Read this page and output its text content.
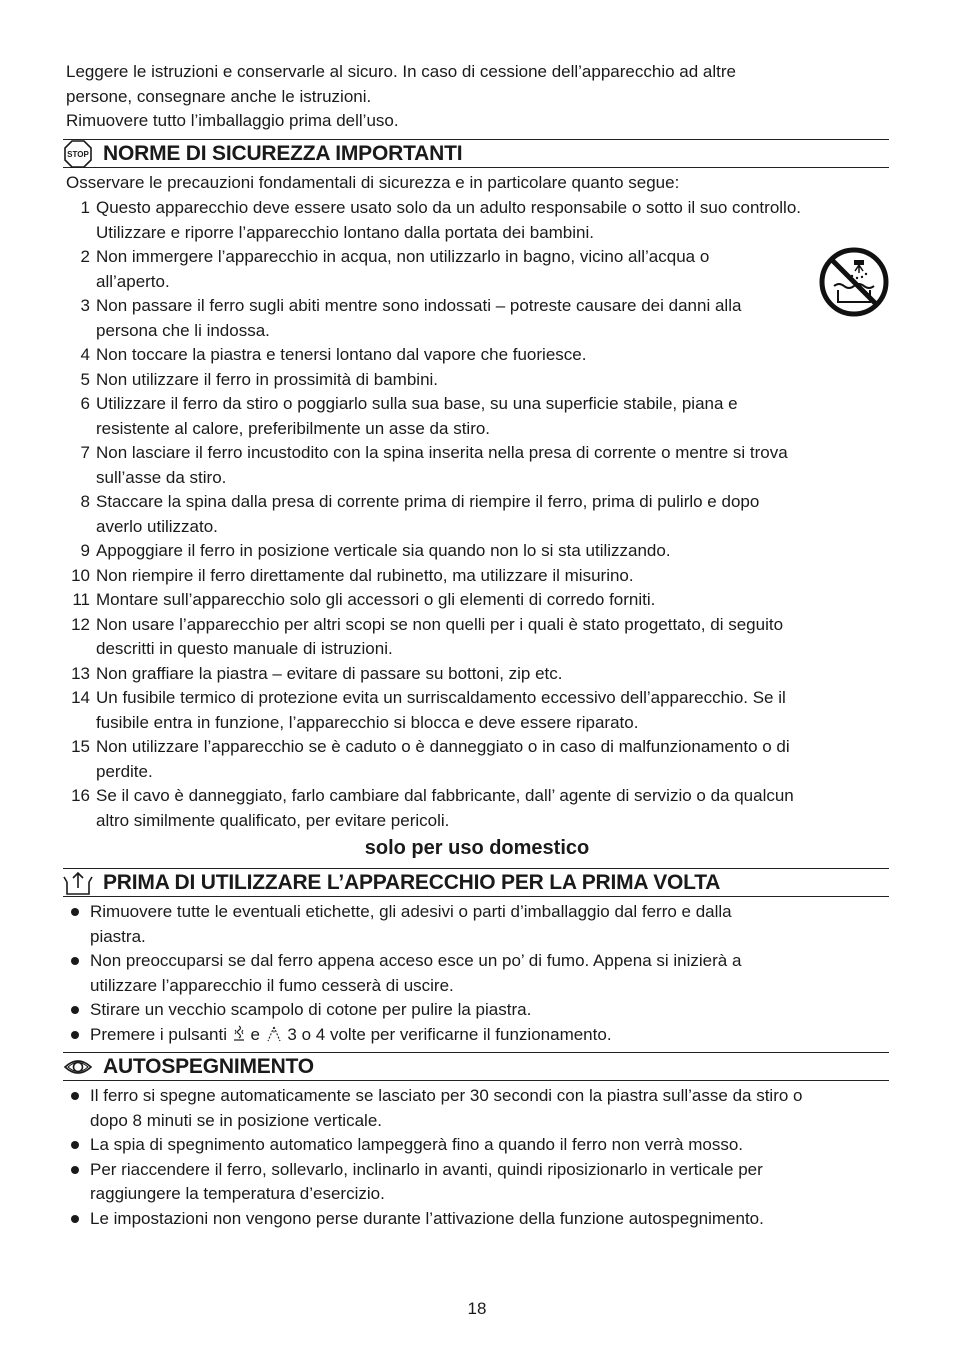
Leggere le istruzioni e conservarle al sicuro. In caso di cessione dell’apparecchio ad altre

persone, consegnare anche le istruzioni.

Rimuovere tutto l’imballaggio prima dell’uso.

STOP NORME DI SICUREZZA IMPORTANTI

Osservare le precauzioni fondamentali di sicurezza e in particolare quanto segue:

1 Questo apparecchio deve essere usato solo da un adulto responsabile o sotto il suo controllo.
Utilizzare e riporre l’apparecchio lontano dalla portata dei bambini.
2 Non immergere l’apparecchio in acqua, non utilizzarlo in bagno, vicino all’acqua o
all’aperto.
3 Non passare il ferro sugli abiti mentre sono indossati – potreste causare dei danni alla
persona che li indossa.
4 Non toccare la piastra e tenersi lontano dal vapore che fuoriesce.
5 Non utilizzare il ferro in prossimità di bambini.
6 Utilizzare il ferro da stiro o poggiarlo sulla sua base, su una superficie stabile, piana e
resistente al calore, preferibilmente un asse da stiro.
7 Non lasciare il ferro incustodito con la spina inserita nella presa di corrente o mentre si trova
sull’asse da stiro.
8 Staccare la spina dalla presa di corrente prima di riempire il ferro, prima di pulirlo e dopo
averlo utilizzato.
9 Appoggiare il ferro in posizione verticale sia quando non lo si sta utilizzando.
10 Non riempire il ferro direttamente dal rubinetto, ma utilizzare il misurino.
11 Montare sull’apparecchio solo gli accessori o gli elementi di corredo forniti.
12 Non usare l’apparecchio per altri scopi se non quelli per i quali è stato progettato, di seguito
descritti in questo manuale di istruzioni.
13 Non graffiare la piastra – evitare di passare su bottoni, zip etc.
14 Un fusibile termico di protezione evita un surriscaldamento eccessivo dell’apparecchio. Se il
fusibile entra in funzione, l’apparecchio si blocca e deve essere riparato.
15 Non utilizzare l’apparecchio se è caduto o è danneggiato o in caso di malfunzionamento o di
perdite.
16 Se il cavo è danneggiato, farlo cambiare dal fabbricante, dall’ agente di servizio o da qualcun
altro similmente qualificato, per evitare pericoli.
solo per uso domestico
PRIMA DI UTILIZZARE L’APPARECCHIO PER LA PRIMA VOLTA
Rimuovere tutte le eventuali etichette, gli adesivi o parti d’imballaggio dal ferro e dalla
piastra.
Non preoccuparsi se dal ferro appena acceso esce un po’ di fumo. Appena si inizierà a
utilizzare l’apparecchio il fumo cesserà di uscire.
Stirare un vecchio scampolo di cotone per pulire la piastra.
Premere i pulsanti e 3 o 4 volte per verificarne il funzionamento.
AUTOSPEGNIMENTO
Il ferro si spegne automaticamente se lasciato per 30 secondi con la piastra sull’asse da stiro o
dopo 8 minuti se in posizione verticale.
La spia di spegnimento automatico lampeggerà fino a quando il ferro non verrà mosso.
Per riaccendere il ferro, sollevarlo, inclinarlo in avanti, quindi riposizionarlo in verticale per
raggiungere la temperatura d’esercizio.
Le impostazioni non vengono perse durante l’attivazione della funzione autospegnimento.
18
